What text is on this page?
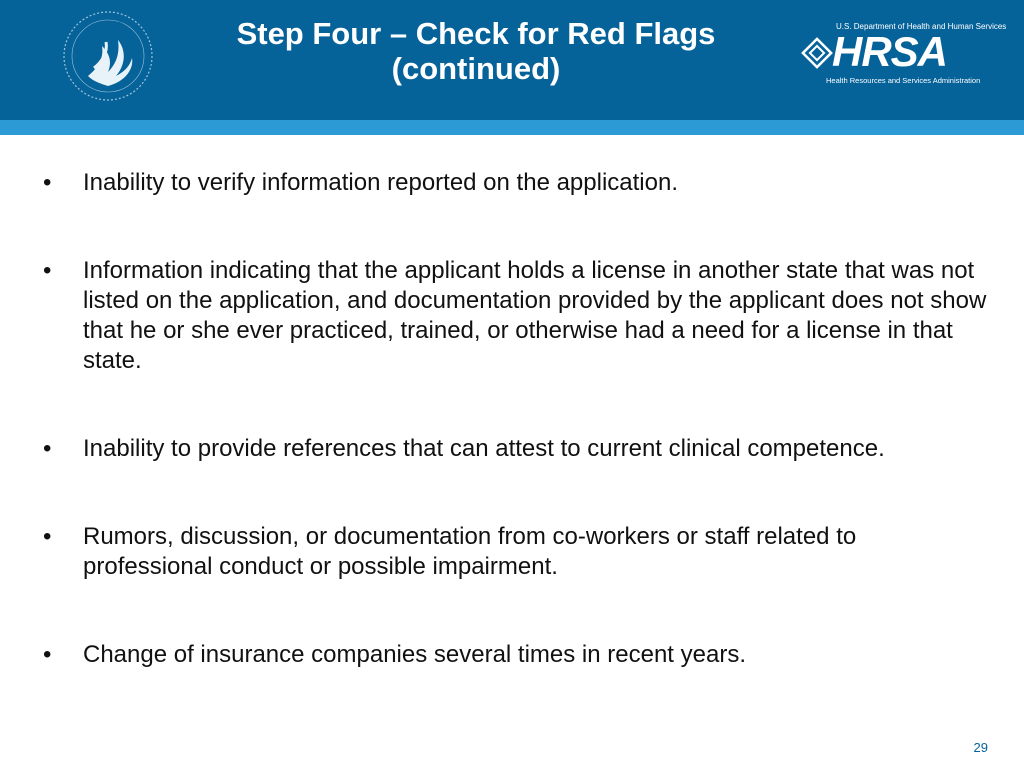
Step Four – Check for Red Flags
(continued)
U.S. Department of Health and Human Services
HRSA
Health Resources and Services Administration
• Inability to verify information reported on the application.
• Information indicating that the applicant holds a license in another state that was not listed on the application, and documentation provided by the applicant does not show that he or she ever practiced, trained, or otherwise had a need for a license in that state.
• Inability to provide references that can attest to current clinical competence.
• Rumors, discussion, or documentation from co-workers or staff related to professional conduct or possible impairment.
• Change of insurance companies several times in recent years.
29
